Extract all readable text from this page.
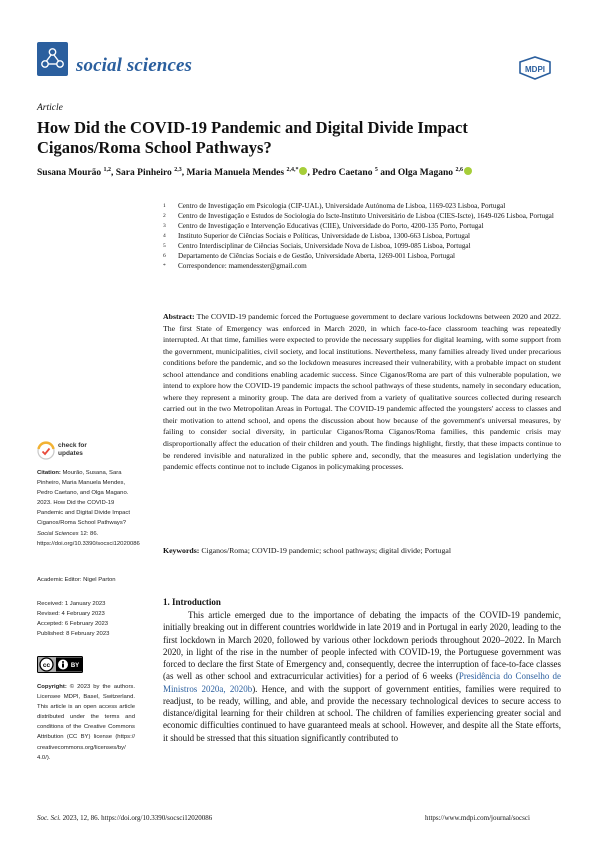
social sciences	MDPI
Article
How Did the COVID-19 Pandemic and Digital Divide Impact Ciganos/Roma School Pathways?
Susana Mourão $^{1,2}$, Sara Pinheiro $^{2,3}$, Maria Manuela Mendes $^{2,4,*}$ , Pedro Caetano $^5$ and Olga Magano $^{2,6}$
1	Centro de Investigação em Psicologia (CIP-UAL), Universidade Autónoma de Lisboa, 1169-023 Lisboa, Portugal
2	Centro de Investigação e Estudos de Sociologia do Iscte-Instituto Universitário de Lisboa (CIES-Iscte), 1649-026 Lisboa, Portugal
3	Centro de Investigação e Intervenção Educativas (CIIE), Universidade do Porto, 4200-135 Porto, Portugal
4	Instituto Superior de Ciências Sociais e Políticas, Universidade de Lisboa, 1300-663 Lisboa, Portugal
5	Centro Interdisciplinar de Ciências Sociais, Universidade Nova de Lisboa, 1099-085 Lisboa, Portugal
6	Departamento de Ciências Sociais e de Gestão, Universidade Aberta, 1269-001 Lisboa, Portugal
*	Correspondence: mamendesster@gmail.com
Abstract: The COVID-19 pandemic forced the Portuguese government to declare various lockdowns between 2020 and 2022. The first State of Emergency was enforced in March 2020, in which face-to-face classroom teaching was repeatedly interrupted. At that time, families were expected to provide the necessary supplies for digital learning, with some support from the government, municipalities, civil society, and local institutions. Nevertheless, many families already lived under precarious conditions before the pandemic, and so the lockdown measures increased their vulnerability, with a probable impact on student school attendance and conditions enabling academic success. Since Ciganos/Roma are part of this vulnerable population, we intend to explore how the COVID-19 pandemic impacts the school pathways of these students, namely in secondary education, where they represent a minority group. The data are derived from a variety of qualitative sources collected during research carried out in the two Metropolitan Areas in Portugal. The COVID-19 pandemic affected the youngsters' access to classes and their motivation to attend school, and opens the discussion about how because of the government's universal measures, by failing to consider social diversity, in particular Ciganos/Roma Ciganos/Roma families, this pandemic crisis may disproportionally affect the education of their children and youth. The findings highlight, firstly, that these impacts continue to be rendered invisible and naturalized in the public sphere and, secondly, that the measures and legislation underlying the pandemic effects continue not to include Ciganos in policymaking processes.
Keywords: Ciganos/Roma; COVID-19 pandemic; school pathways; digital divide; Portugal
check for
updates
Citation: Mourão, Susana, Sara Pinheiro, Maria Manuela Mendes, Pedro Caetano, and Olga Magano. 2023. How Did the COVID-19 Pandemic and Digital Divide Impact Ciganos/Roma School Pathways? Social Sciences 12: 86. https://doi.org/10.3390/socsci12020086
Academic Editor: Nigel Parton
Received: 1 January 2023
Revised: 4 February 2023
Accepted: 6 February 2023
Published: 8 February 2023
cc	BY
Copyright: © 2023 by the authors. Licensee MDPI, Basel, Switzerland. This article is an open access article distributed under the terms and conditions of the Creative Commons Attribution (CC BY) license (https:// creativecommons.org/licenses/by/ 4.0/).
1. Introduction
This article emerged due to the importance of debating the impacts of the COVID-19 pandemic, initially breaking out in different countries worldwide in late 2019 and in Portugal in early 2020, leading to the first lockdown in March 2020, followed by various other lockdown periods throughout 2020–2022. In March 2020, in light of the rise in the number of people infected with COVID-19, the Portuguese government was forced to declare the first State of Emergency and, consequently, decree the interruption of face-to-face classes (as well as other school and extracurricular activities) for a period of 6 weeks (Presidência do Conselho de Ministros 2020a, 2020b). Hence, and with the support of government entities, families were required to readjust, to be ready, willing, and able, and provide the necessary technological devices to secure access to distance/digital learning for their children at school. The children of families experiencing greater social and economic difficulties continued to have guaranteed meals at school. However, and despite all the State efforts, it should be stressed that this situation significantly contributed to
Soc. Sci. 2023, 12, 86. https://doi.org/10.3390/socsci12020086	https://www.mdpi.com/journal/socsci
